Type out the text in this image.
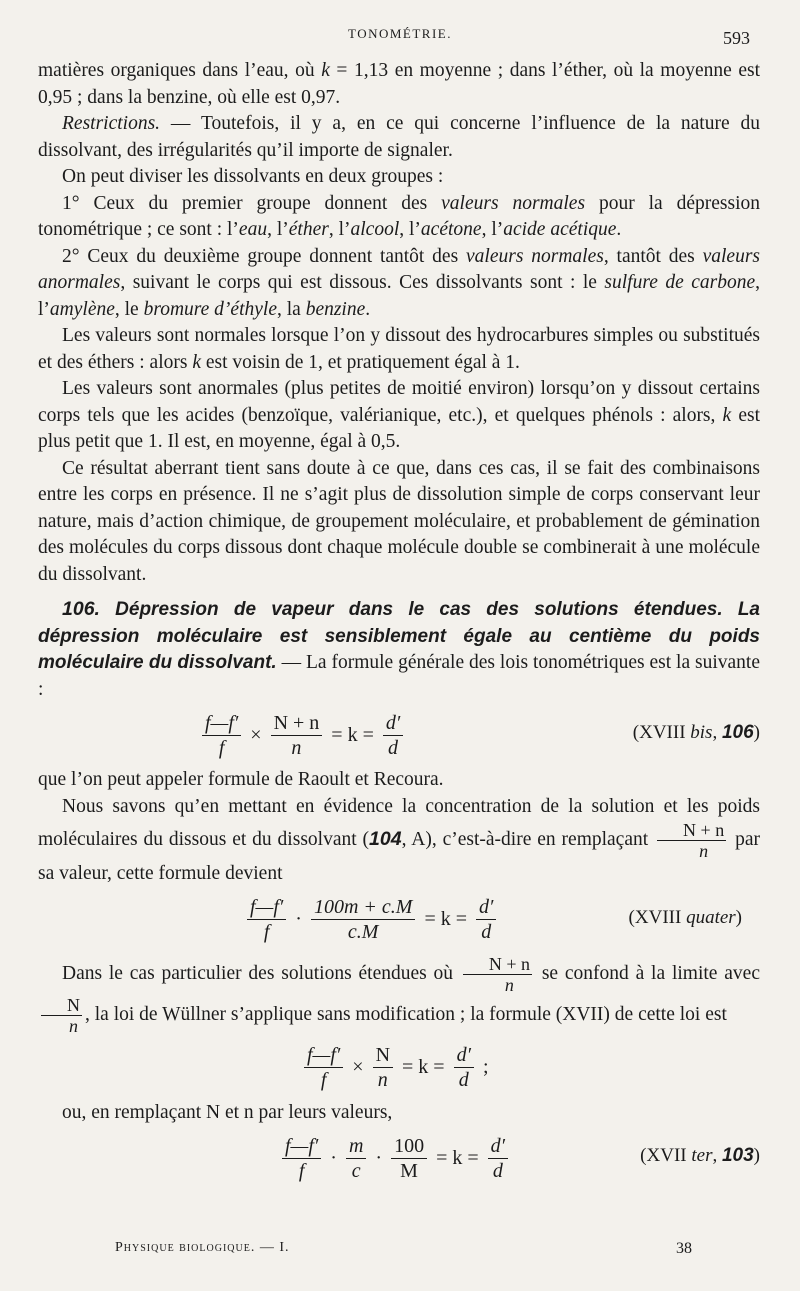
TONOMÉTRIE.	593

matières organiques dans l’eau, où k = 1,13 en moyenne ; dans l’éther, où la moyenne est 0,95 ; dans la benzine, où elle est 0,97.

Restrictions. — Toutefois, il y a, en ce qui concerne l’influence de la nature du dissolvant, des irrégularités qu’il importe de signaler.

On peut diviser les dissolvants en deux groupes :

1° Ceux du premier groupe donnent des valeurs normales pour la dépression tonométrique ; ce sont : l’eau, l’éther, l’alcool, l’acétone, l’acide acétique.

2° Ceux du deuxième groupe donnent tantôt des valeurs normales, tantôt des valeurs anormales, suivant le corps qui est dissous. Ces dissolvants sont : le sulfure de carbone, l’amylène, le bromure d’éthyle, la benzine.

Les valeurs sont normales lorsque l’on y dissout des hydrocarbures simples ou substitués et des éthers : alors k est voisin de 1, et pratiquement égal à 1.

Les valeurs sont anormales (plus petites de moitié environ) lorsqu’on y dissout certains corps tels que les acides (benzoïque, valérianique, etc.), et quelques phénols : alors, k est plus petit que 1. Il est, en moyenne, égal à 0,5.

Ce résultat aberrant tient sans doute à ce que, dans ces cas, il se fait des combinaisons entre les corps en présence. Il ne s’agit plus de dissolution simple de corps conservant leur nature, mais d’action chimique, de groupement moléculaire, et probablement de gémination des molécules du corps dissous dont chaque molécule double se combinerait à une molécule du dissolvant.

106. Dépression de vapeur dans le cas des solutions étendues. La dépression moléculaire est sensiblement égale au centième du poids moléculaire du dissolvant. — La formule générale des lois tonométriques est la suivante :

$\frac{f—f'}{f} \times \frac{N + n}{n} = k = \frac{d'}{d}$	(XVIII bis, 106)

que l’on peut appeler formule de Raoult et Recoura.

Nous savons qu’en mettant en évidence la concentration de la solution et les poids moléculaires du dissous et du dissolvant (104, A), c’est-à-dire en remplaçant $\frac{N + n}{n}$ par sa valeur, cette formule devient

$\frac{f—f'}{f} \cdot \frac{100m + c.M}{c.M} = k = \frac{d'}{d}$	(XVIII quater)

Dans le cas particulier des solutions étendues où $\frac{N + n}{n}$ se confond à la limite avec
$\frac{N}{n}$ , la loi de Wüllner s’applique sans modification ; la formule (XVII) de cette loi est

$\frac{f—f'}{f} \times \frac{N}{n} = k = \frac{d'}{d}$ ;

ou, en remplaçant N et n par leurs valeurs,

$\frac{f—f'}{f} \cdot \frac{m}{c} \cdot \frac{100}{M} = k = \frac{d'}{d}$	(XVII ter, 103)
Physique biologique. — I.	38
